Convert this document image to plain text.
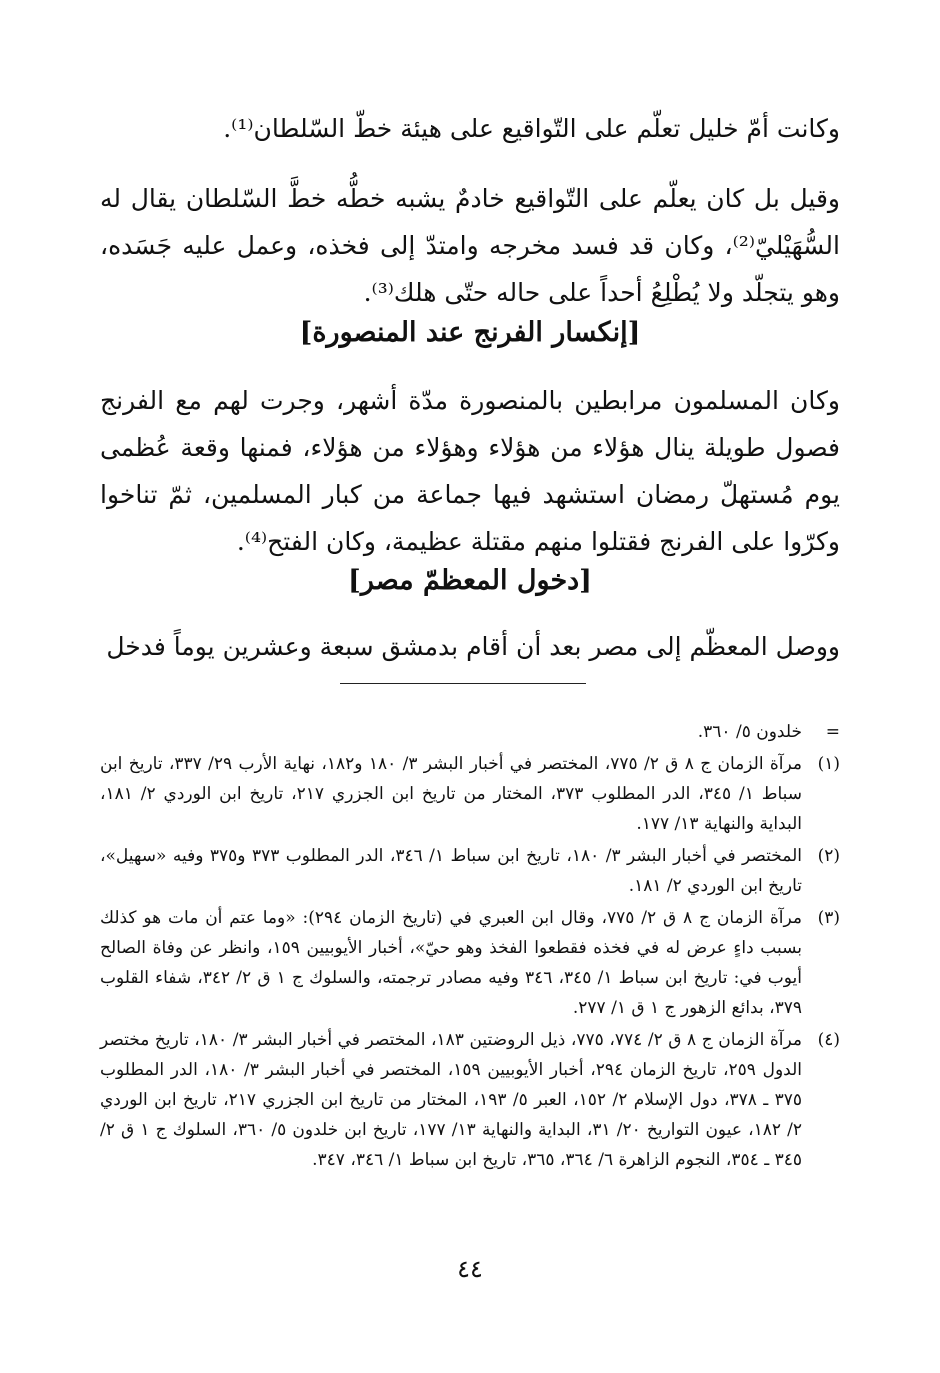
وكانت أمّ خليل تعلّم على التّواقيع على هيئة خطّ السّلطان⁽¹⁾.

وقيل بل كان يعلّم على التّواقيع خادمٌ يشبه خطُّه خطَّ السّلطان يقال له السُّهَيْليّ⁽²⁾، وكان قد فسد مخرجه وامتدّ إلى فخذه، وعمل عليه جَسَده، وهو يتجلّد ولا يُطْلِعُ أحداً على حاله حتّى هلك⁽³⁾.

[إنكسار الفرنج عند المنصورة]

وكان المسلمون مرابطين بالمنصورة مدّة أشهر، وجرت لهم مع الفرنج فصول طويلة ينال هؤلاء من هؤلاء وهؤلاء من هؤلاء، فمنها وقعة عُظمى يوم مُستهلّ رمضان استشهد فيها جماعة من كبار المسلمين، ثمّ تناخوا وكرّوا على الفرنج فقتلوا منهم مقتلة عظيمة، وكان الفتح⁽⁴⁾.

[دخول المعظمّ مصر]

ووصل المعظّم إلى مصر بعد أن أقام بدمشق سبعة وعشرين يوماً فدخل

=
خلدون ٥/ ٣٦٠.
(١)
مرآة الزمان ج ٨ ق ٢/ ٧٧٥، المختصر في أخبار البشر ٣/ ١٨٠ و١٨٢، نهاية الأرب ٢٩/ ٣٣٧، تاريخ ابن سباط ١/ ٣٤٥، الدر المطلوب ٣٧٣، المختار من تاريخ ابن الجزري ٢١٧، تاريخ ابن الوردي ٢/ ١٨١، البداية والنهاية ١٣/ ١٧٧.
(٢)
المختصر في أخبار البشر ٣/ ١٨٠، تاريخ ابن سباط ١/ ٣٤٦، الدر المطلوب ٣٧٣ و٣٧٥ وفيه «سهيل»، تاريخ ابن الوردي ٢/ ١٨١.
(٣)
مرآة الزمان ج ٨ ق ٢/ ٧٧٥، وقال ابن العبري في (تاريخ الزمان ٢٩٤): «وما عتم أن مات هو كذلك بسبب داءٍ عرض له في فخذه فقطعوا الفخذ وهو حيّ»، أخبار الأيوبيين ١٥٩، وانظر عن وفاة الصالح أيوب في: تاريخ ابن سباط ١/ ٣٤٥، ٣٤٦ وفيه مصادر ترجمته، والسلوك ج ١ ق ٢/ ٣٤٢، شفاء القلوب ٣٧٩، بدائع الزهور ج ١ ق ١/ ٢٧٧.
(٤)
مرآة الزمان ج ٨ ق ٢/ ٧٧٤، ٧٧٥، ذيل الروضتين ١٨٣، المختصر في أخبار البشر ٣/ ١٨٠، تاريخ مختصر الدول ٢٥٩، تاريخ الزمان ٢٩٤، أخبار الأيوبيين ١٥٩، المختصر في أخبار البشر ٣/ ١٨٠، الدر المطلوب ٣٧٥ ـ ٣٧٨، دول الإسلام ٢/ ١٥٢، العبر ٥/ ١٩٣، المختار من تاريخ ابن الجزري ٢١٧، تاريخ ابن الوردي ٢/ ١٨٢، عيون التواريخ ٢٠/ ٣١، البداية والنهاية ١٣/ ١٧٧، تاريخ ابن خلدون ٥/ ٣٦٠، السلوك ج ١ ق ٢/ ٣٤٥ ـ ٣٥٤، النجوم الزاهرة ٦/ ٣٦٤، ٣٦٥، تاريخ ابن سباط ١/ ٣٤٦، ٣٤٧.
٤٤
